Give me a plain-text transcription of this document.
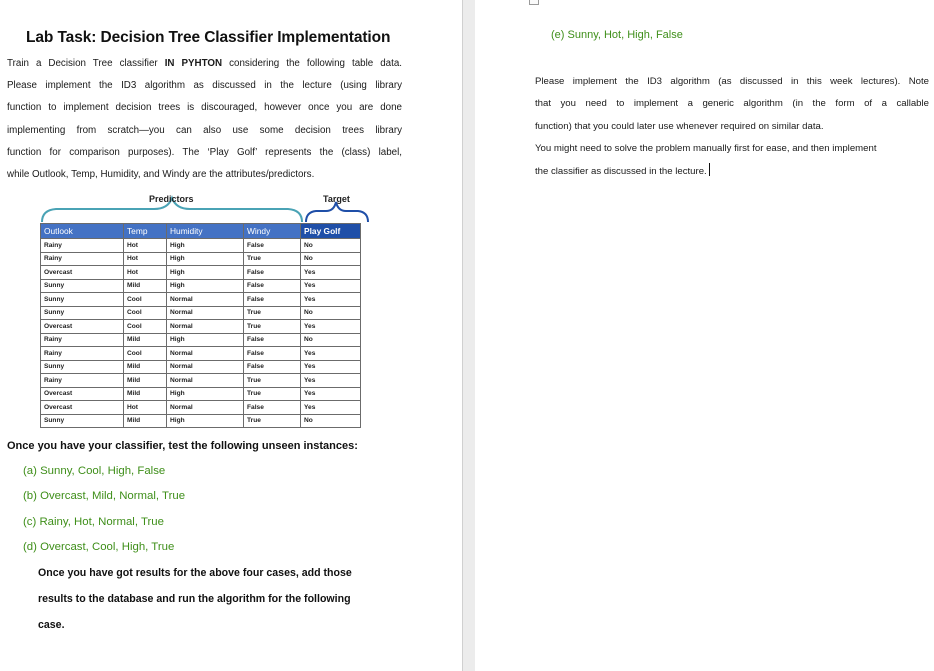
Lab Task: Decision Tree Classifier Implementation
Train a Decision Tree classifier IN PYHTON considering the following table data.
Please implement the ID3 algorithm as discussed in the lecture (using library
function to implement decision trees is discouraged, however once you are done
implementing from scratch—you can also use some decision trees library
function for comparison purposes). The ‘Play Golf’ represents the (class) label,
while Outlook, Temp, Humidity, and Windy are the attributes/predictors.
Predictors	Target
Outlook	Temp	Humidity	Windy	Play Golf
Rainy	Hot	High	False	No
Rainy	Hot	High	True	No
Overcast	Hot	High	False	Yes
Sunny	Mild	High	False	Yes
Sunny	Cool	Normal	False	Yes
Sunny	Cool	Normal	True	No
Overcast	Cool	Normal	True	Yes
Rainy	Mild	High	False	No
Rainy	Cool	Normal	False	Yes
Sunny	Mild	Normal	False	Yes
Rainy	Mild	Normal	True	Yes
Overcast	Mild	High	True	Yes
Overcast	Hot	Normal	False	Yes
Sunny	Mild	High	True	No
Once you have your classifier, test the following unseen instances:
(a) Sunny, Cool, High, False
(b) Overcast, Mild, Normal, True
(c) Rainy, Hot, Normal, True
(d) Overcast, Cool, High, True
Once you have got results for the above four cases, add those
results to the database and run the algorithm for the following
case.
(e) Sunny, Hot, High, False
Please implement the ID3 algorithm (as discussed in this week lectures). Note
that you need to implement a generic algorithm (in the form of a callable
function) that you could later use whenever required on similar data.
You might need to solve the problem manually first for ease, and then implement
the classifier as discussed in the lecture.
